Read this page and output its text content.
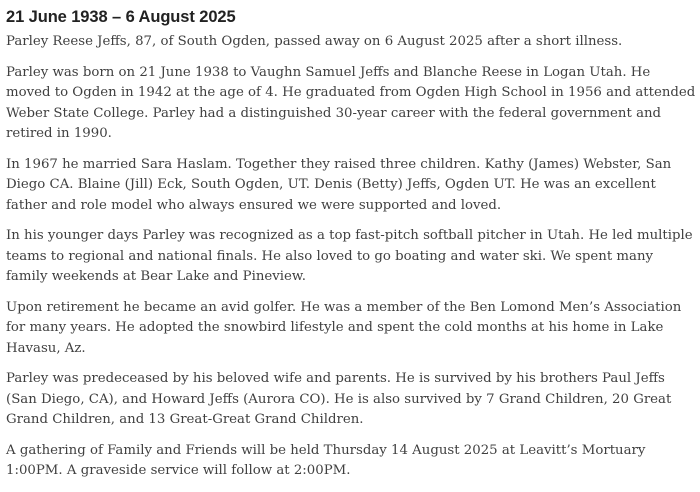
21 June 1938 – 6 August 2025

Parley Reese Jeffs, 87, of South Ogden, passed away on 6 August 2025 after a short illness.

Parley was born on 21 June 1938 to Vaughn Samuel Jeffs and Blanche Reese in Logan Utah. He moved to Ogden in 1942 at the age of 4. He graduated from Ogden High School in 1956 and attended Weber State College. Parley had a distinguished 30-year career with the federal government and retired in 1990.

In 1967 he married Sara Haslam. Together they raised three children. Kathy (James) Webster, San Diego CA. Blaine (Jill) Eck, South Ogden, UT. Denis (Betty) Jeffs, Ogden UT. He was an excellent father and role model who always ensured we were supported and loved.

In his younger days Parley was recognized as a top fast-pitch softball pitcher in Utah. He led multiple teams to regional and national finals. He also loved to go boating and water ski. We spent many family weekends at Bear Lake and Pineview.

Upon retirement he became an avid golfer. He was a member of the Ben Lomond Men’s Association for many years. He adopted the snowbird lifestyle and spent the cold months at his home in Lake Havasu, Az.

Parley was predeceased by his beloved wife and parents. He is survived by his brothers Paul Jeffs (San Diego, CA), and Howard Jeffs (Aurora CO). He is also survived by 7 Grand Children, 20 Great Grand Children, and 13 Great-Great Grand Children.

A gathering of Family and Friends will be held Thursday 14 August 2025 at Leavitt’s Mortuary 1:00PM. A graveside service will follow at 2:00PM.
